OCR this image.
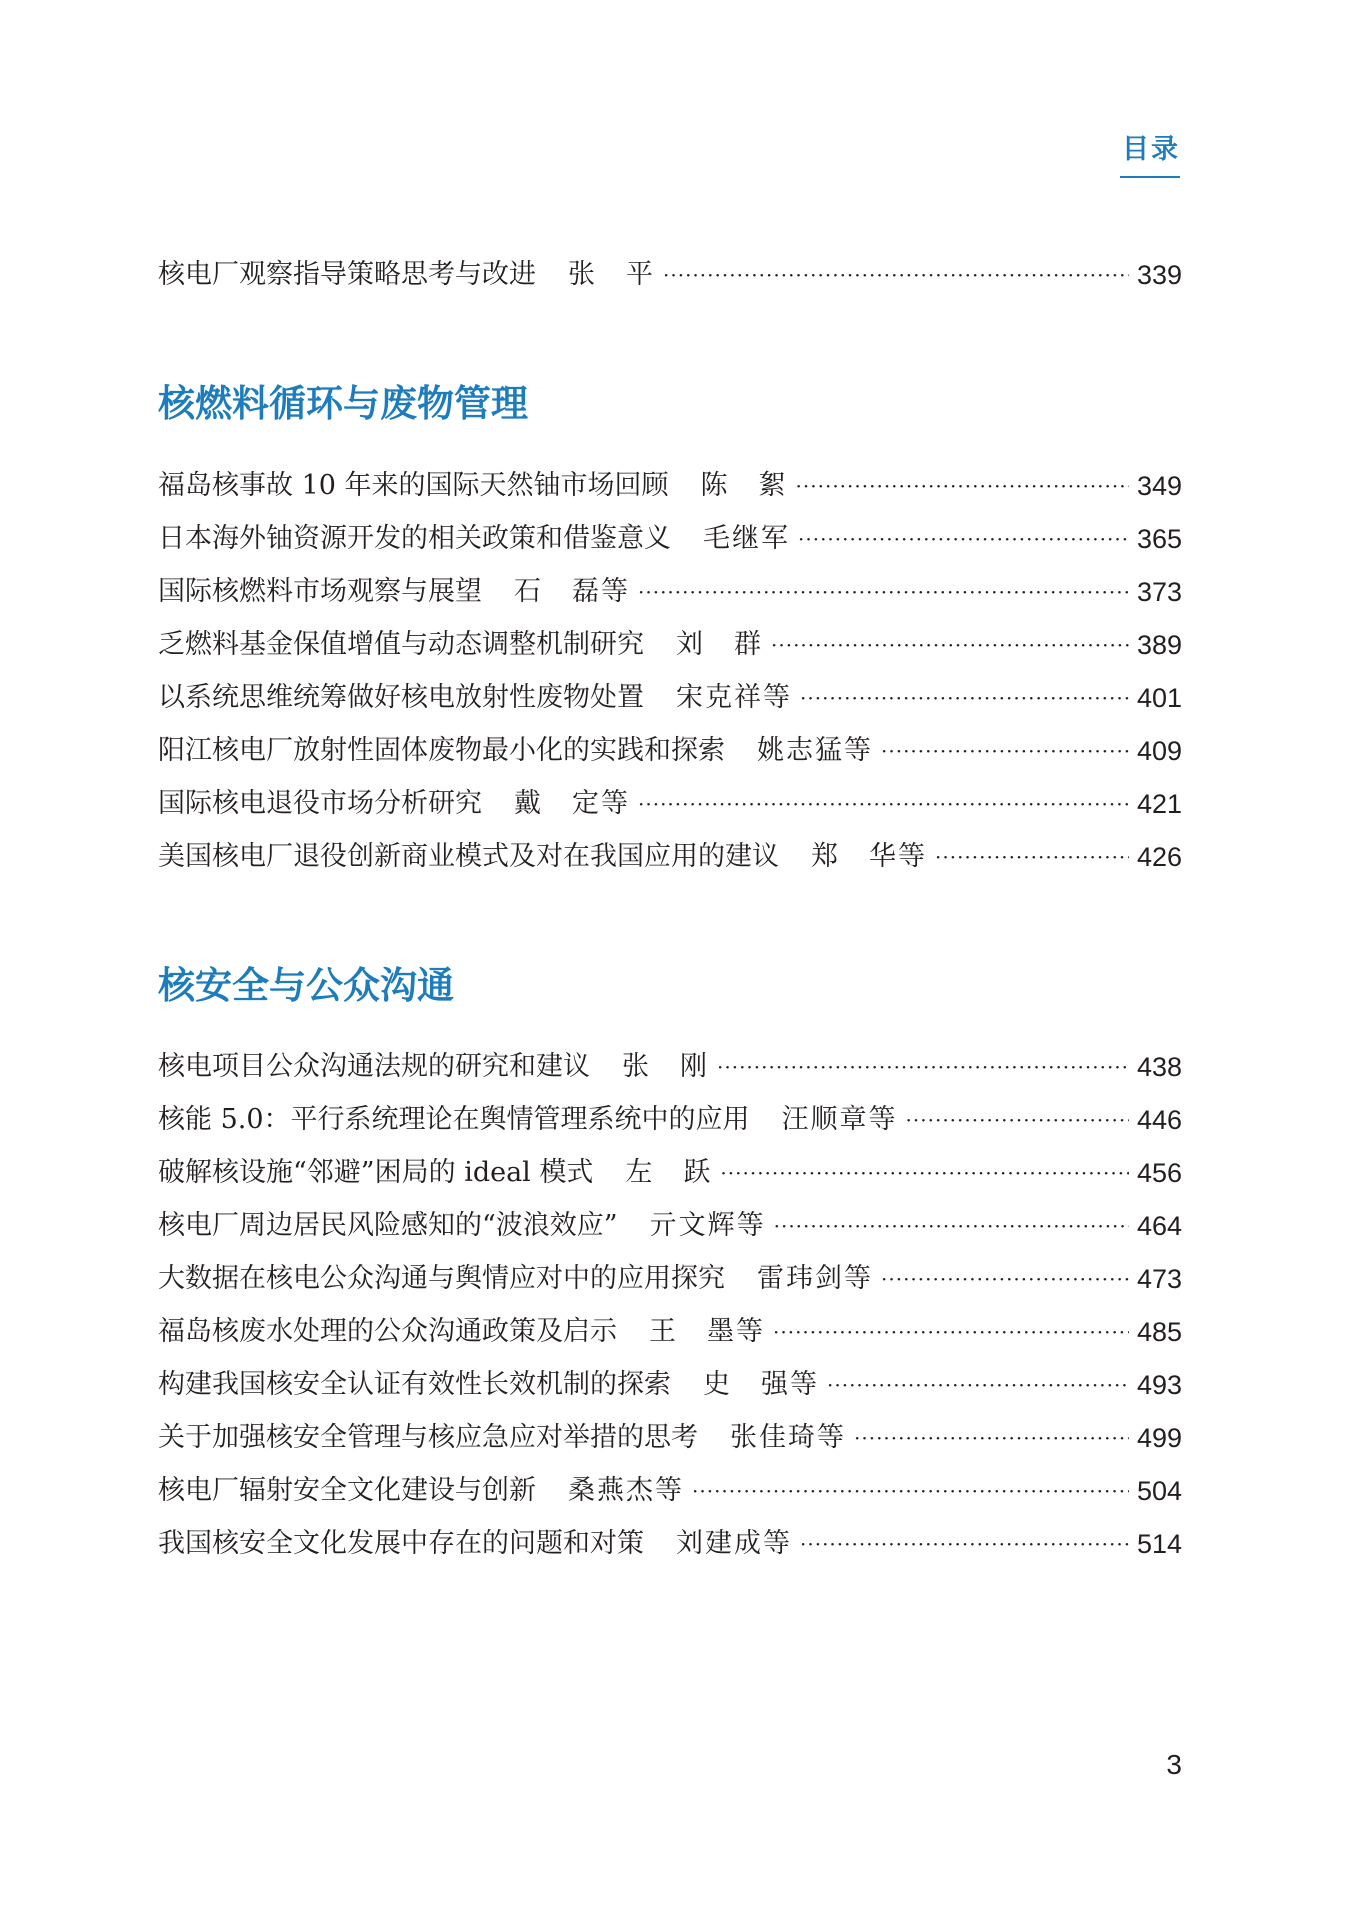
目录
核电厂观察指导策略思考与改进 张　平 ·····	339
核燃料循环与废物管理
福岛核事故 10 年来的国际天然铀市场回顾 陈　絮 ·····	349
日本海外铀资源开发的相关政策和借鉴意义 毛继军 ·····	365
国际核燃料市场观察与展望 石　磊等 ·····	373
乏燃料基金保值增值与动态调整机制研究 刘　群 ·····	389
以系统思维统筹做好核电放射性废物处置 宋克祥等 ·····	401
阳江核电厂放射性固体废物最小化的实践和探索 姚志猛等 ·····	409
国际核电退役市场分析研究 戴　定等 ·····	421
美国核电厂退役创新商业模式及对在我国应用的建议 郑　华等 ·····	426
核安全与公众沟通
核电项目公众沟通法规的研究和建议 张　刚 ·····	438
核能 5.0：平行系统理论在舆情管理系统中的应用 汪顺章等 ·····	446
破解核设施“邻避”困局的 ideal 模式 左　跃 ·····	456
核电厂周边居民风险感知的“波浪效应” 亓文辉等 ·····	464
大数据在核电公众沟通与舆情应对中的应用探究 雷玮剑等 ·····	473
福岛核废水处理的公众沟通政策及启示 王　墨等 ·····	485
构建我国核安全认证有效性长效机制的探索 史　强等 ·····	493
关于加强核安全管理与核应急应对举措的思考 张佳琦等 ·····	499
核电厂辐射安全文化建设与创新 桑燕杰等 ·····	504
我国核安全文化发展中存在的问题和对策 刘建成等 ·····	514
3
